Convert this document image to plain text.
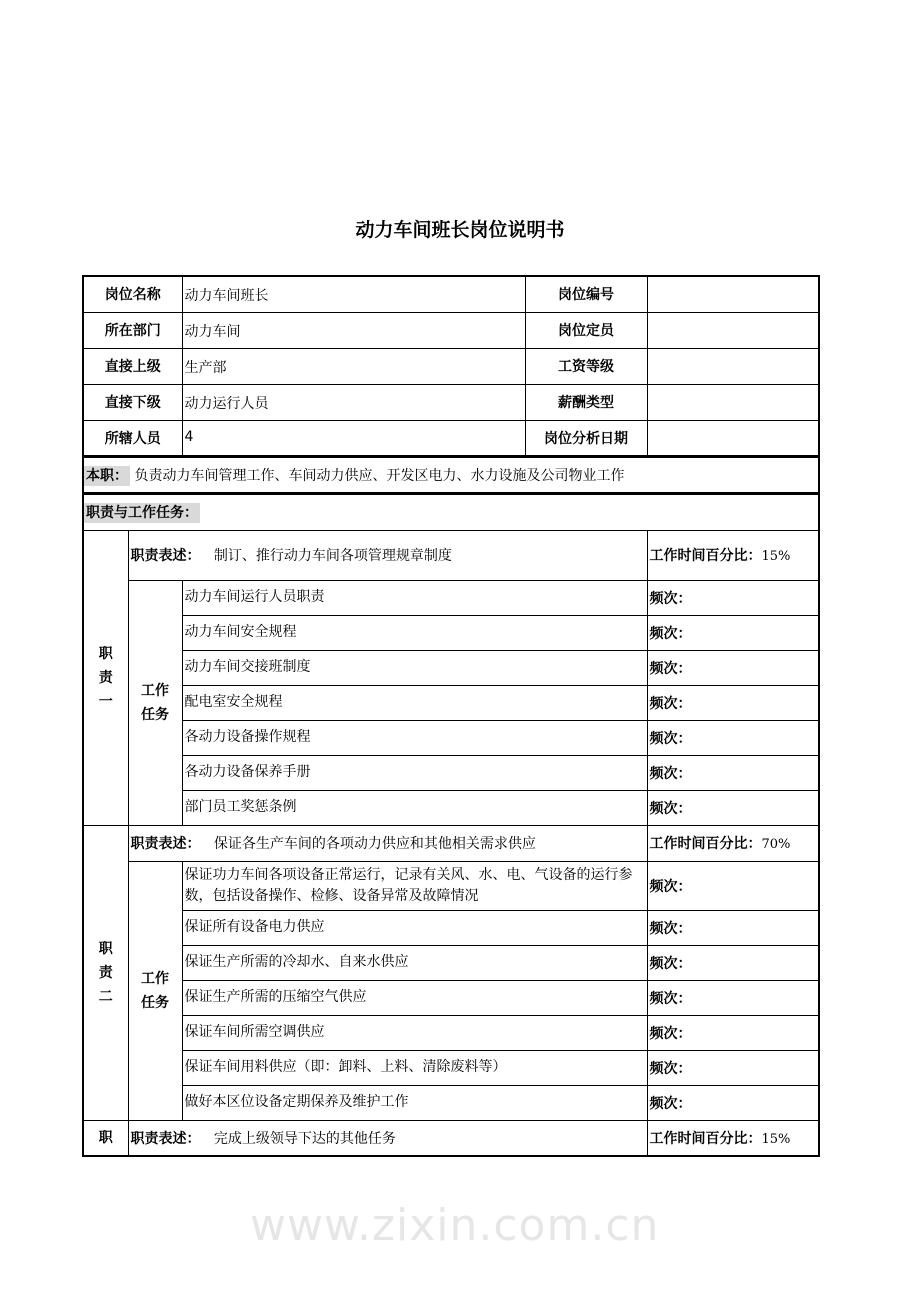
动力车间班长岗位说明书
岗位名称		动力车间班长	岗位编号	
所在部门		动力车间	岗位定员	
直接上级		生产部	工资等级	
直接下级		动力运行人员	薪酬类型	
所辖人员		4	岗位分析日期	
本职： 负责动力车间管理工作、车间动力供应、开发区电力、水力设施及公司物业工作				
职责与工作任务：				
职责一	职责表述： 制订、推行动力车间各项管理规章制度			工作时间百分比：15%
	工作任务	动力车间运行人员职责		频次：
		动力车间安全规程		频次：
		动力车间交接班制度		频次：
		配电室安全规程		频次：
		各动力设备操作规程		频次：
		各动力设备保养手册		频次：
		部门员工奖惩条例		频次：
职责二	职责表述： 保证各生产车间的各项动力供应和其他相关需求供应			工作时间百分比：70%
	工作任务	保证功力车间各项设备正常运行，记录有关风、水、电、气设备的运行参数，包括设备操作、检修、设备异常及故障情况		频次：
		保证所有设备电力供应		频次：
		保证生产所需的冷却水、自来水供应		频次：
		保证生产所需的压缩空气供应		频次：
		保证车间所需空调供应		频次：
		保证车间用料供应（即：卸料、上料、清除废料等）		频次：
		做好本区位设备定期保养及维护工作		频次：
职	职责表述： 完成上级领导下达的其他任务			工作时间百分比：15%
www.zixin.com.cn
